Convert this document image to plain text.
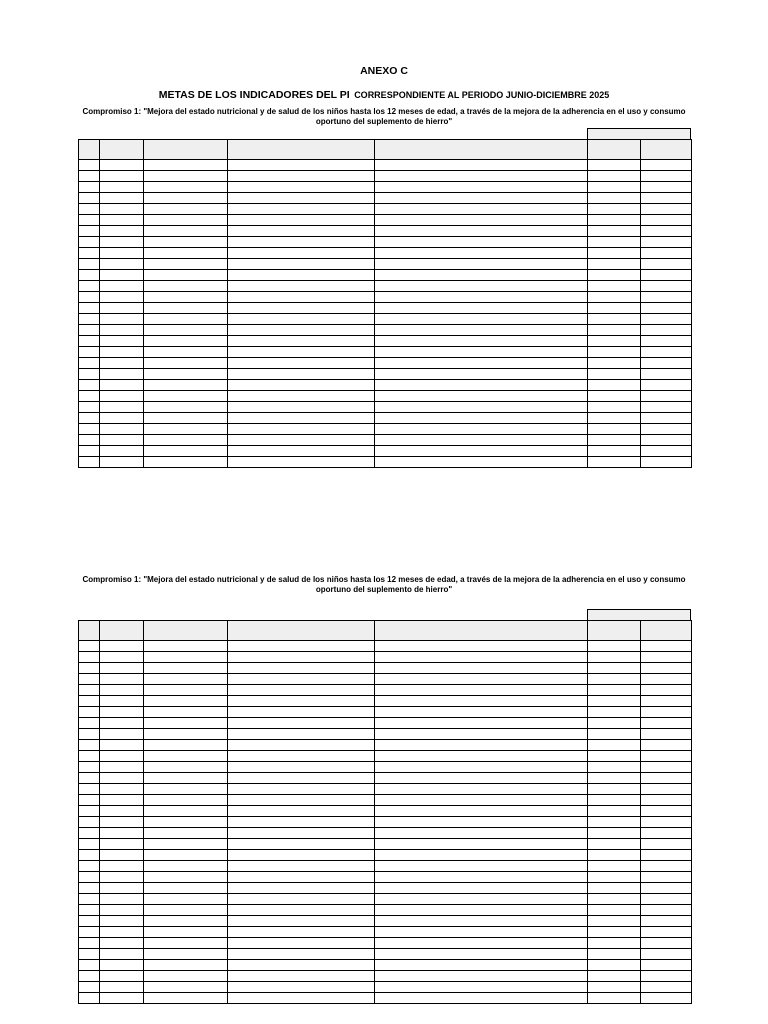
ANEXO C
METAS DE LOS INDICADORES DEL PI CORRESPONDIENTE AL PERIODO JUNIO-DICIEMBRE 2025
Compromiso 1: "Mejora del estado nutricional y de salud de los niños hasta los 12 meses de edad, a través de la mejora de la adherencia en el uso y consumo oportuno del suplemento de hierro"

Compromiso 1: "Mejora del estado nutricional y de salud de los niños hasta los 12 meses de edad, a través de la mejora de la adherencia en el uso y consumo oportuno del suplemento de hierro"
